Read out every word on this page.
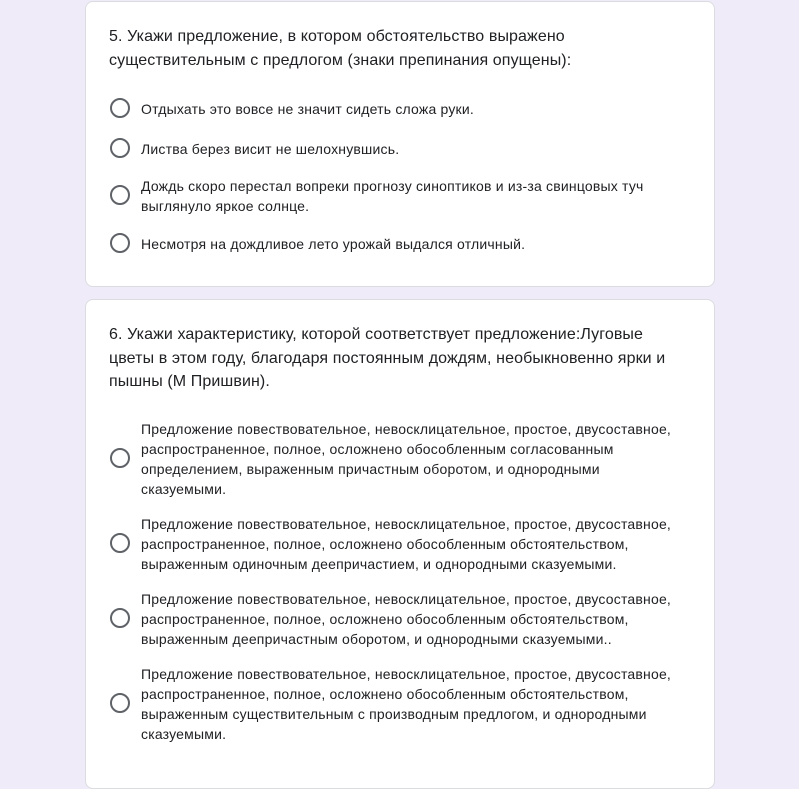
5. Укажи предложение, в котором обстоятельство выражено существительным с предлогом (знаки препинания опущены):
Отдыхать это вовсе не значит сидеть сложа руки.
Листва берез висит не шелохнувшись.
Дождь скоро перестал вопреки прогнозу синоптиков и из-за свинцовых туч выглянуло яркое солнце.
Несмотря на дождливое лето урожай выдался отличный.
6. Укажи характеристику, которой соответствует предложение:Луговые цветы в этом году, благодаря постоянным дождям, необыкновенно ярки и пышны (М Пришвин).
Предложение повествовательное, невосклицательное, простое, двусоставное, распространенное, полное, осложнено обособленным согласованным определением, выраженным причастным оборотом, и однородными сказуемыми.
Предложение повествовательное, невосклицательное, простое, двусоставное, распространенное, полное, осложнено обособленным обстоятельством, выраженным одиночным деепричастием, и однородными сказуемыми.
Предложение повествовательное, невосклицательное, простое, двусоставное, распространенное, полное, осложнено обособленным обстоятельством, выраженным деепричастным оборотом, и однородными сказуемыми..
Предложение повествовательное, невосклицательное, простое, двусоставное, распространенное, полное, осложнено обособленным обстоятельством, выраженным существительным с производным предлогом, и однородными сказуемыми.
